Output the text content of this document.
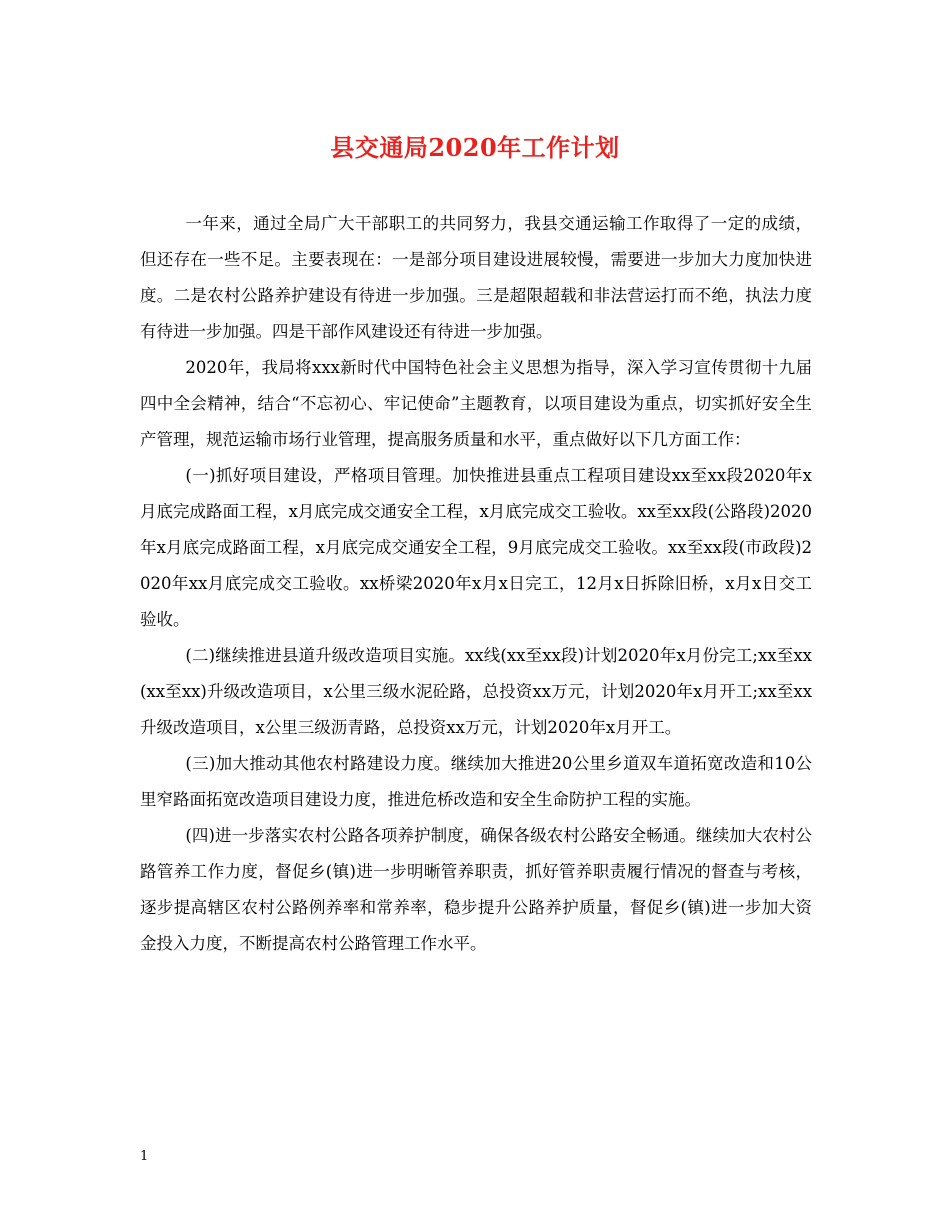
县交通局2020年工作计划

一年来，通过全局广大干部职工的共同努力，我县交通运输工作取得了一定的成绩，但还存在一些不足。主要表现在：一是部分项目建设进展较慢，需要进一步加大力度加快进度。二是农村公路养护建设有待进一步加强。三是超限超载和非法营运打而不绝，执法力度有待进一步加强。四是干部作风建设还有待进一步加强。

2020年，我局将xxx新时代中国特色社会主义思想为指导，深入学习宣传贯彻十九届四中全会精神，结合“不忘初心、牢记使命”主题教育，以项目建设为重点，切实抓好安全生产管理，规范运输市场行业管理，提高服务质量和水平，重点做好以下几方面工作：

(一)抓好项目建设，严格项目管理。加快推进县重点工程项目建设xx至xx段2020年x月底完成路面工程，x月底完成交通安全工程，x月底完成交工验收。xx至xx段(公路段)2020年x月底完成路面工程，x月底完成交通安全工程，9月底完成交工验收。xx至xx段(市政段)2020年xx月底完成交工验收。xx桥梁2020年x月x日完工，12月x日拆除旧桥，x月x日交工验收。

(二)继续推进县道升级改造项目实施。xx线(xx至xx段)计划2020年x月份完工;xx至xx(xx至xx)升级改造项目，x公里三级水泥砼路，总投资xx万元，计划2020年x月开工;xx至xx升级改造项目，x公里三级沥青路，总投资xx万元，计划2020年x月开工。

(三)加大推动其他农村路建设力度。继续加大推进20公里乡道双车道拓宽改造和10公里窄路面拓宽改造项目建设力度，推进危桥改造和安全生命防护工程的实施。

(四)进一步落实农村公路各项养护制度，确保各级农村公路安全畅通。继续加大农村公路管养工作力度，督促乡(镇)进一步明晰管养职责，抓好管养职责履行情况的督查与考核，逐步提高辖区农村公路例养率和常养率，稳步提升公路养护质量，督促乡(镇)进一步加大资金投入力度，不断提高农村公路管理工作水平。

1
